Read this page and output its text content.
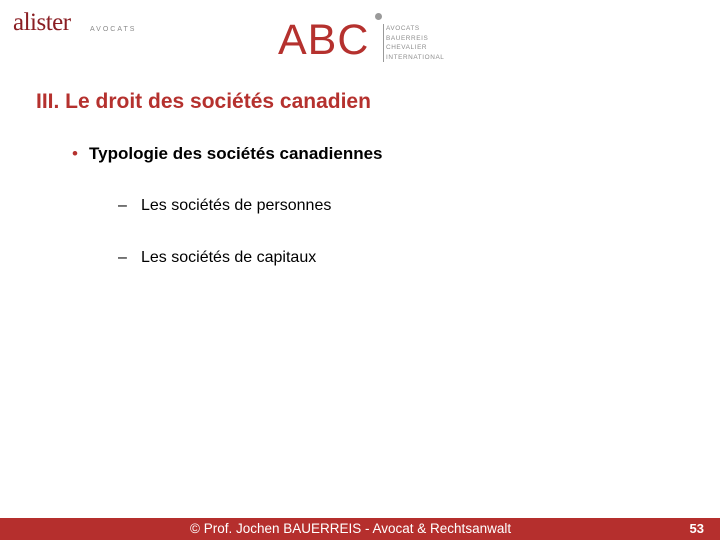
alister	AVOCATS	ABC	AVOCATS
BAUERREIS
CHEVALIER
INTERNATIONAL
III. Le droit des sociétés canadien
• Typologie des sociétés canadiennes
– Les sociétés de personnes
– Les sociétés de capitaux
© Prof. Jochen BAUERREIS - Avocat & Rechtsanwalt	53
